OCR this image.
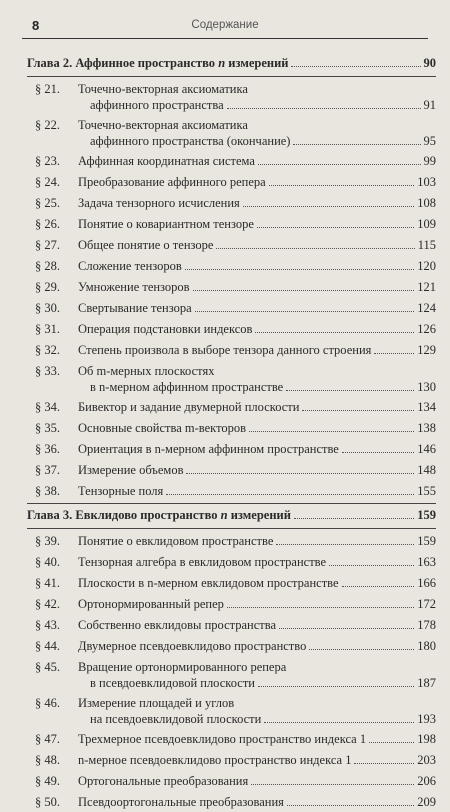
8	Содержание
Глава 2. Аффинное пространство n измерений	90
§ 21. Точечно-векторная аксиоматика
аффинного пространства	91
§ 22. Точечно-векторная аксиоматика
аффинного пространства (окончание)	95
§ 23. Аффинная координатная система	99
§ 24. Преобразование аффинного репера	103
§ 25. Задача тензорного исчисления	108
§ 26. Понятие о ковариантном тензоре	109
§ 27. Общее понятие о тензоре	115
§ 28. Сложение тензоров	120
§ 29. Умножение тензоров	121
§ 30. Свертывание тензора	124
§ 31. Операция подстановки индексов	126
§ 32. Степень произвола в выборе тензора данного строения	129
§ 33. Об m-мерных плоскостях
в n-мерном аффинном пространстве	130
§ 34. Бивектор и задание двумерной плоскости	134
§ 35. Основные свойства m-векторов	138
§ 36. Ориентация в n-мерном аффинном пространстве	146
§ 37. Измерение объемов	148
§ 38. Тензорные поля	155
Глава 3. Евклидово пространство n измерений	159
§ 39. Понятие о евклидовом пространстве	159
§ 40. Тензорная алгебра в евклидовом пространстве	163
§ 41. Плоскости в n-мерном евклидовом пространстве	166
§ 42. Ортонормированный репер	172
§ 43. Собственно евклидовы пространства	178
§ 44. Двумерное псевдоевклидово пространство	180
§ 45. Вращение ортонормированного репера
в псевдоевклидовой плоскости	187
§ 46. Измерение площадей и углов
на псевдоевклидовой плоскости	193
§ 47. Трехмерное псевдоевклидово пространство индекса 1	198
§ 48. n-мерное псевдоевклидово пространство индекса 1	203
§ 49. Ортогональные преобразования	206
§ 50. Псевдоортогональные преобразования	209
